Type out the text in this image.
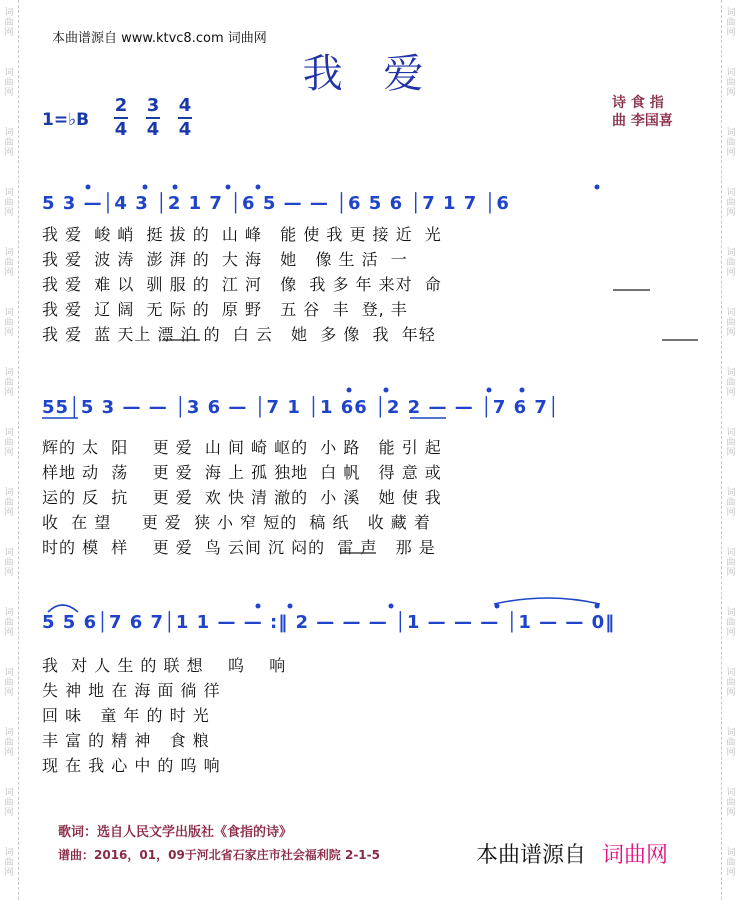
词
曲
网
词
曲
网
词
曲
网
词
曲
网
词
曲
网
词
曲
网
词
曲
网
词
曲
网
词
曲
网
词
曲
网
词
曲
网
词
曲
网
词
曲
网
词
曲
网
词
曲
网
词
曲
网
词
曲
网
词
曲
网
词
曲
网
词
曲
网
词
曲
网
词
曲
网
词
曲
网
词
曲
网
词
曲
网
词
曲
网
词
曲
网
词
曲
网
词
曲
网
词
曲
网
本曲谱源自 www.ktvc8.com 词曲网
我 爱
1=♭B
2
4
3
4
4
4
诗 食 指
曲 李国喜
5 3 —│4 3 │2 1 7 │6 5 — — │6 5 6 │7 1 7 │6
我 爱  峻 峭  挺 拔 的  山 峰   能 使 我 更 接 近  光
我 爱  波 涛  澎 湃 的  大 海   她   像 生 活  一
我 爱  难 以  驯 服 的  江 河   像  我 多 年 来对  命
我 爱  辽 阔  无 际 的  原 野   五 谷  丰  登, 丰
我 爱  蓝 天上 漂 泊 的  白 云   她  多 像  我  年轻
55│5 3 — — │3 6 — │7 1 │1 66 │2 2 — — │7 6 7│
辉的 太  阳    更 爱  山 间 崎 岖的  小 路   能 引 起
样地 动  荡    更 爱  海 上 孤 独地  白 帆   得 意 或
运的 反  抗    更 爱  欢 快 清 澈的  小 溪   她 使 我
收  在 望     更 爱  狭 小 窄 短的  稿 纸   收 藏 着
时的 模  样    更 爱  鸟 云间 沉 闷的  雷 声   那 是
5 5 6│7 6 7│1 1 — — :‖ 2 — — — │1 — — — │1 — — 0‖
我  对 人 生 的 联 想    呜    响
失 神 地 在 海 面 徜 徉
回 味   童 年 的 时 光
丰 富 的 精 神   食 粮
现 在 我 心 中 的 呜 响
歌词：选自人民文学出版社《食指的诗》
谱曲：2016，01，09于河北省石家庄市社会福利院 2-1-5	本曲谱源自 词曲网
